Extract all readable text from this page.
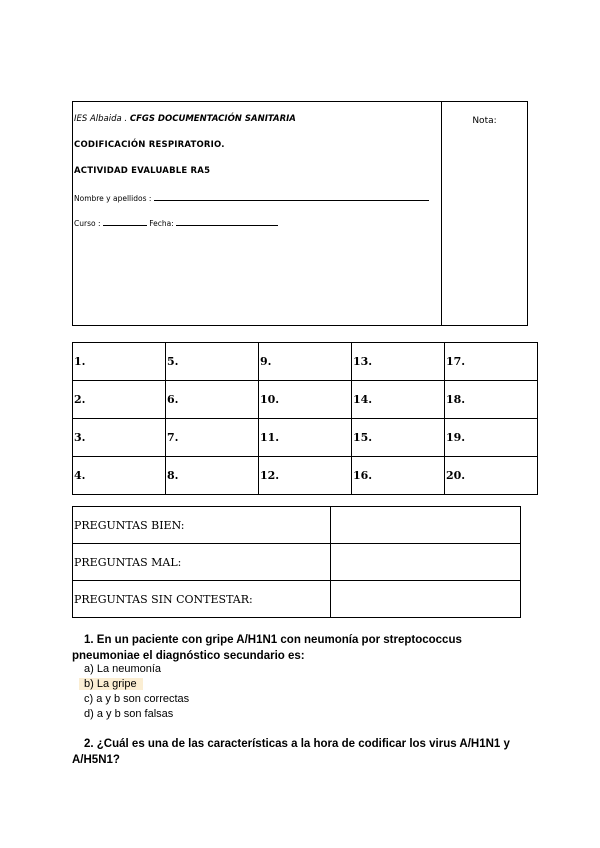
IES Albaida . CFGS DOCUMENTACIÓN SANITARIA
CODIFICACIÓN RESPIRATORIO.
ACTIVIDAD EVALUABLE RA5
Nombre y apellidos :
Curso :	Fecha:
Nota:
1.	5.	9.	13.	17.
2.	6.	10.	14.	18.
3.	7.	11.	15.	19.
4.	8.	12.	16.	20.
PREGUNTAS BIEN:	
PREGUNTAS MAL:	
PREGUNTAS SIN CONTESTAR:	
1. En un paciente con gripe A/H1N1 con neumonía por streptococcus pneumoniae el diagnóstico secundario es:
a) La neumonía
b) La gripe
c) a y b son correctas
d) a y b son falsas
2. ¿Cuál es una de las características a la hora de codificar los virus A/H1N1 y A/H5N1?
